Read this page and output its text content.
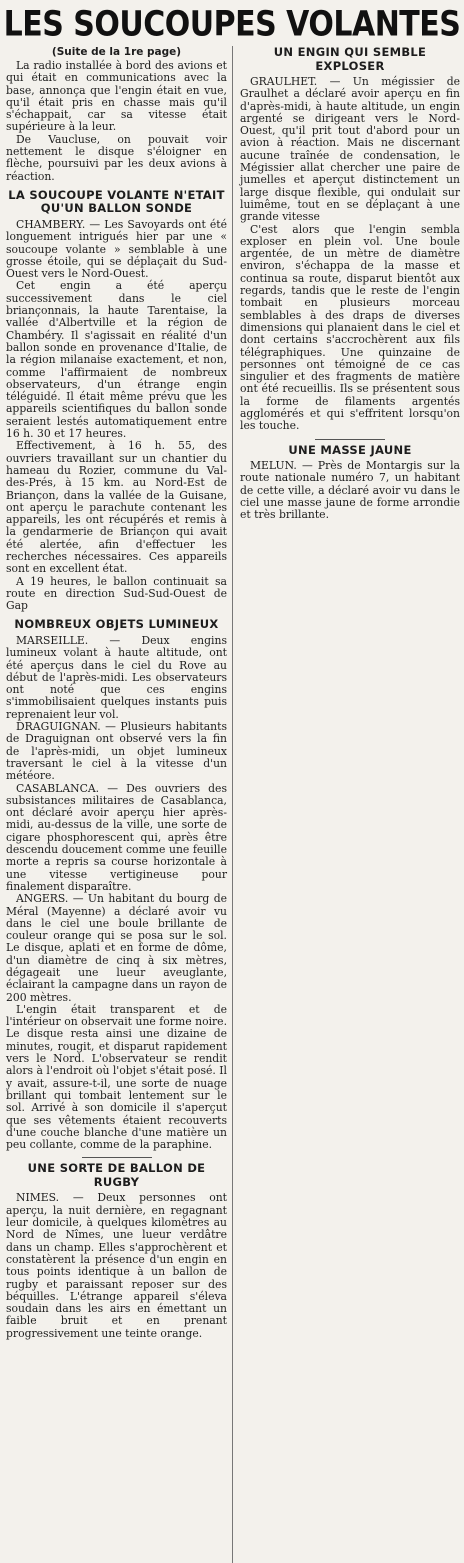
LES SOUCOUPES VOLANTES
(Suite de la 1re page)

La radio installée à bord des avions et qui était en communications avec la base, annonça que l'engin était en vue, qu'il était pris en chasse mais qu'il s'échappait, car sa vitesse était supérieure à la leur.

De Vaucluse, on pouvait voir nettement le disque s'éloigner en flèche, poursuivi par les deux avions à réaction.

LA SOUCOUPE VOLANTE N'ETAIT QU'UN BALLON SONDE

CHAMBERY. — Les Savoyards ont été longuement intrigués hier par une « soucoupe volante » semblable à une grosse étoile, qui se déplaçait du Sud-Ouest vers le Nord-Ouest.

Cet engin a été aperçu successivement dans le ciel briançonnais, la haute Tarentaise, la vallée d'Albertville et la région de Chambéry. Il s'agissait en réalité d'un ballon sonde en provenance d'Italie, de la région milanaise exactement, et non, comme l'affirmaient de nombreux observateurs, d'un étrange engin téléguidé. Il était même prévu que les appareils scientifiques du ballon sonde seraient lestés automatiquement entre 16 h. 30 et 17 heures.

Effectivement, à 16 h. 55, des ouvriers travaillant sur un chantier du hameau du Rozier, commune du Val-des-Prés, à 15 km. au Nord-Est de Briançon, dans la vallée de la Guisane, ont aperçu le parachute contenant les appareils, les ont récupérés et remis à la gendarmerie de Briançon qui avait été alertée, afin d'effectuer les recherches nécessaires. Ces appareils sont en excellent état.

A 19 heures, le ballon continuait sa route en direction Sud-Sud-Ouest de Gap

NOMBREUX OBJETS LUMINEUX

MARSEILLE. — Deux engins lumineux volant à haute altitude, ont été aperçus dans le ciel du Rove au début de l'après-midi. Les observateurs ont noté que ces engins s'immobilisaient quelques instants puis reprenaient leur vol.

DRAGUIGNAN. — Plusieurs habitants de Draguignan ont observé vers la fin de l'après-midi, un objet lumineux traversant le ciel à la vitesse d'un météore.

CASABLANCA. — Des ouvriers des subsistances militaires de Casablanca, ont déclaré avoir aperçu hier après-midi, au-dessus de la ville, une sorte de cigare phosphorescent qui, après être descendu doucement comme une feuille morte a repris sa course horizontale à une vitesse vertigineuse pour finalement disparaître.

ANGERS. — Un habitant du bourg de Méral (Mayenne) a déclaré avoir vu dans le ciel une boule brillante de couleur orange qui se posa sur le sol. Le disque, aplati et en forme de dôme, d'un diamètre de cinq à six mètres, dégageait une lueur aveuglante, éclairant la campagne dans un rayon de 200 mètres.

L'engin était transparent et de l'intérieur on observait une forme noire. Le disque resta ainsi une dizaine de minutes, rougit, et disparut rapidement vers le Nord. L'observateur se rendit alors à l'endroit où l'objet s'était posé. Il y avait, assure-t-il, une sorte de nuage brillant qui tombait lentement sur le sol. Arrivé à son domicile il s'aperçut que ses vêtements étaient recouverts d'une couche blanche d'une matière un peu collante, comme de la paraphine.

UNE SORTE DE BALLON DE RUGBY

NIMES. — Deux personnes ont aperçu, la nuit dernière, en regagnant leur domicile, à quelques kilomètres au Nord de Nîmes, une lueur verdâtre dans un champ. Elles s'approchèrent et constatèrent la présence d'un engin en tous points identique à un ballon de rugby et paraissant reposer sur des béquilles. L'étrange appareil s'éleva soudain dans les airs en émettant un faible bruit et en prenant progressivement une teinte orange.

UN ENGIN QUI SEMBLE EXPLOSER

GRAULHET. — Un mégissier de Graulhet a déclaré avoir aperçu en fin d'après-midi, à haute altitude, un engin argenté se dirigeant vers le Nord-Ouest, qu'il prit tout d'abord pour un avion à réaction. Mais ne discernant aucune traînée de condensation, le Mégissier allat chercher une paire de jumelles et aperçut distinctement un large disque flexible, qui ondulait sur luimême, tout en se déplaçant à une grande vitesse

C'est alors que l'engin sembla exploser en plein vol. Une boule argentée, de un mètre de diamètre environ, s'échappa de la masse et continua sa route, disparut bientôt aux regards, tandis que le reste de l'engin tombait en plusieurs morceau semblables à des draps de diverses dimensions qui planaient dans le ciel et dont certains s'accrochèrent aux fils télégraphiques. Une quinzaine de personnes ont témoigné de ce cas singulier et des fragments de matière ont été recueillis. Ils se présentent sous la forme de filaments argentés agglomérés et qui s'effritent lorsqu'on les touche.

UNE MASSE JAUNE

MELUN. — Près de Montargis sur la route nationale numéro 7, un habitant de cette ville, a déclaré avoir vu dans le ciel une masse jaune de forme arrondie et très brillante.
